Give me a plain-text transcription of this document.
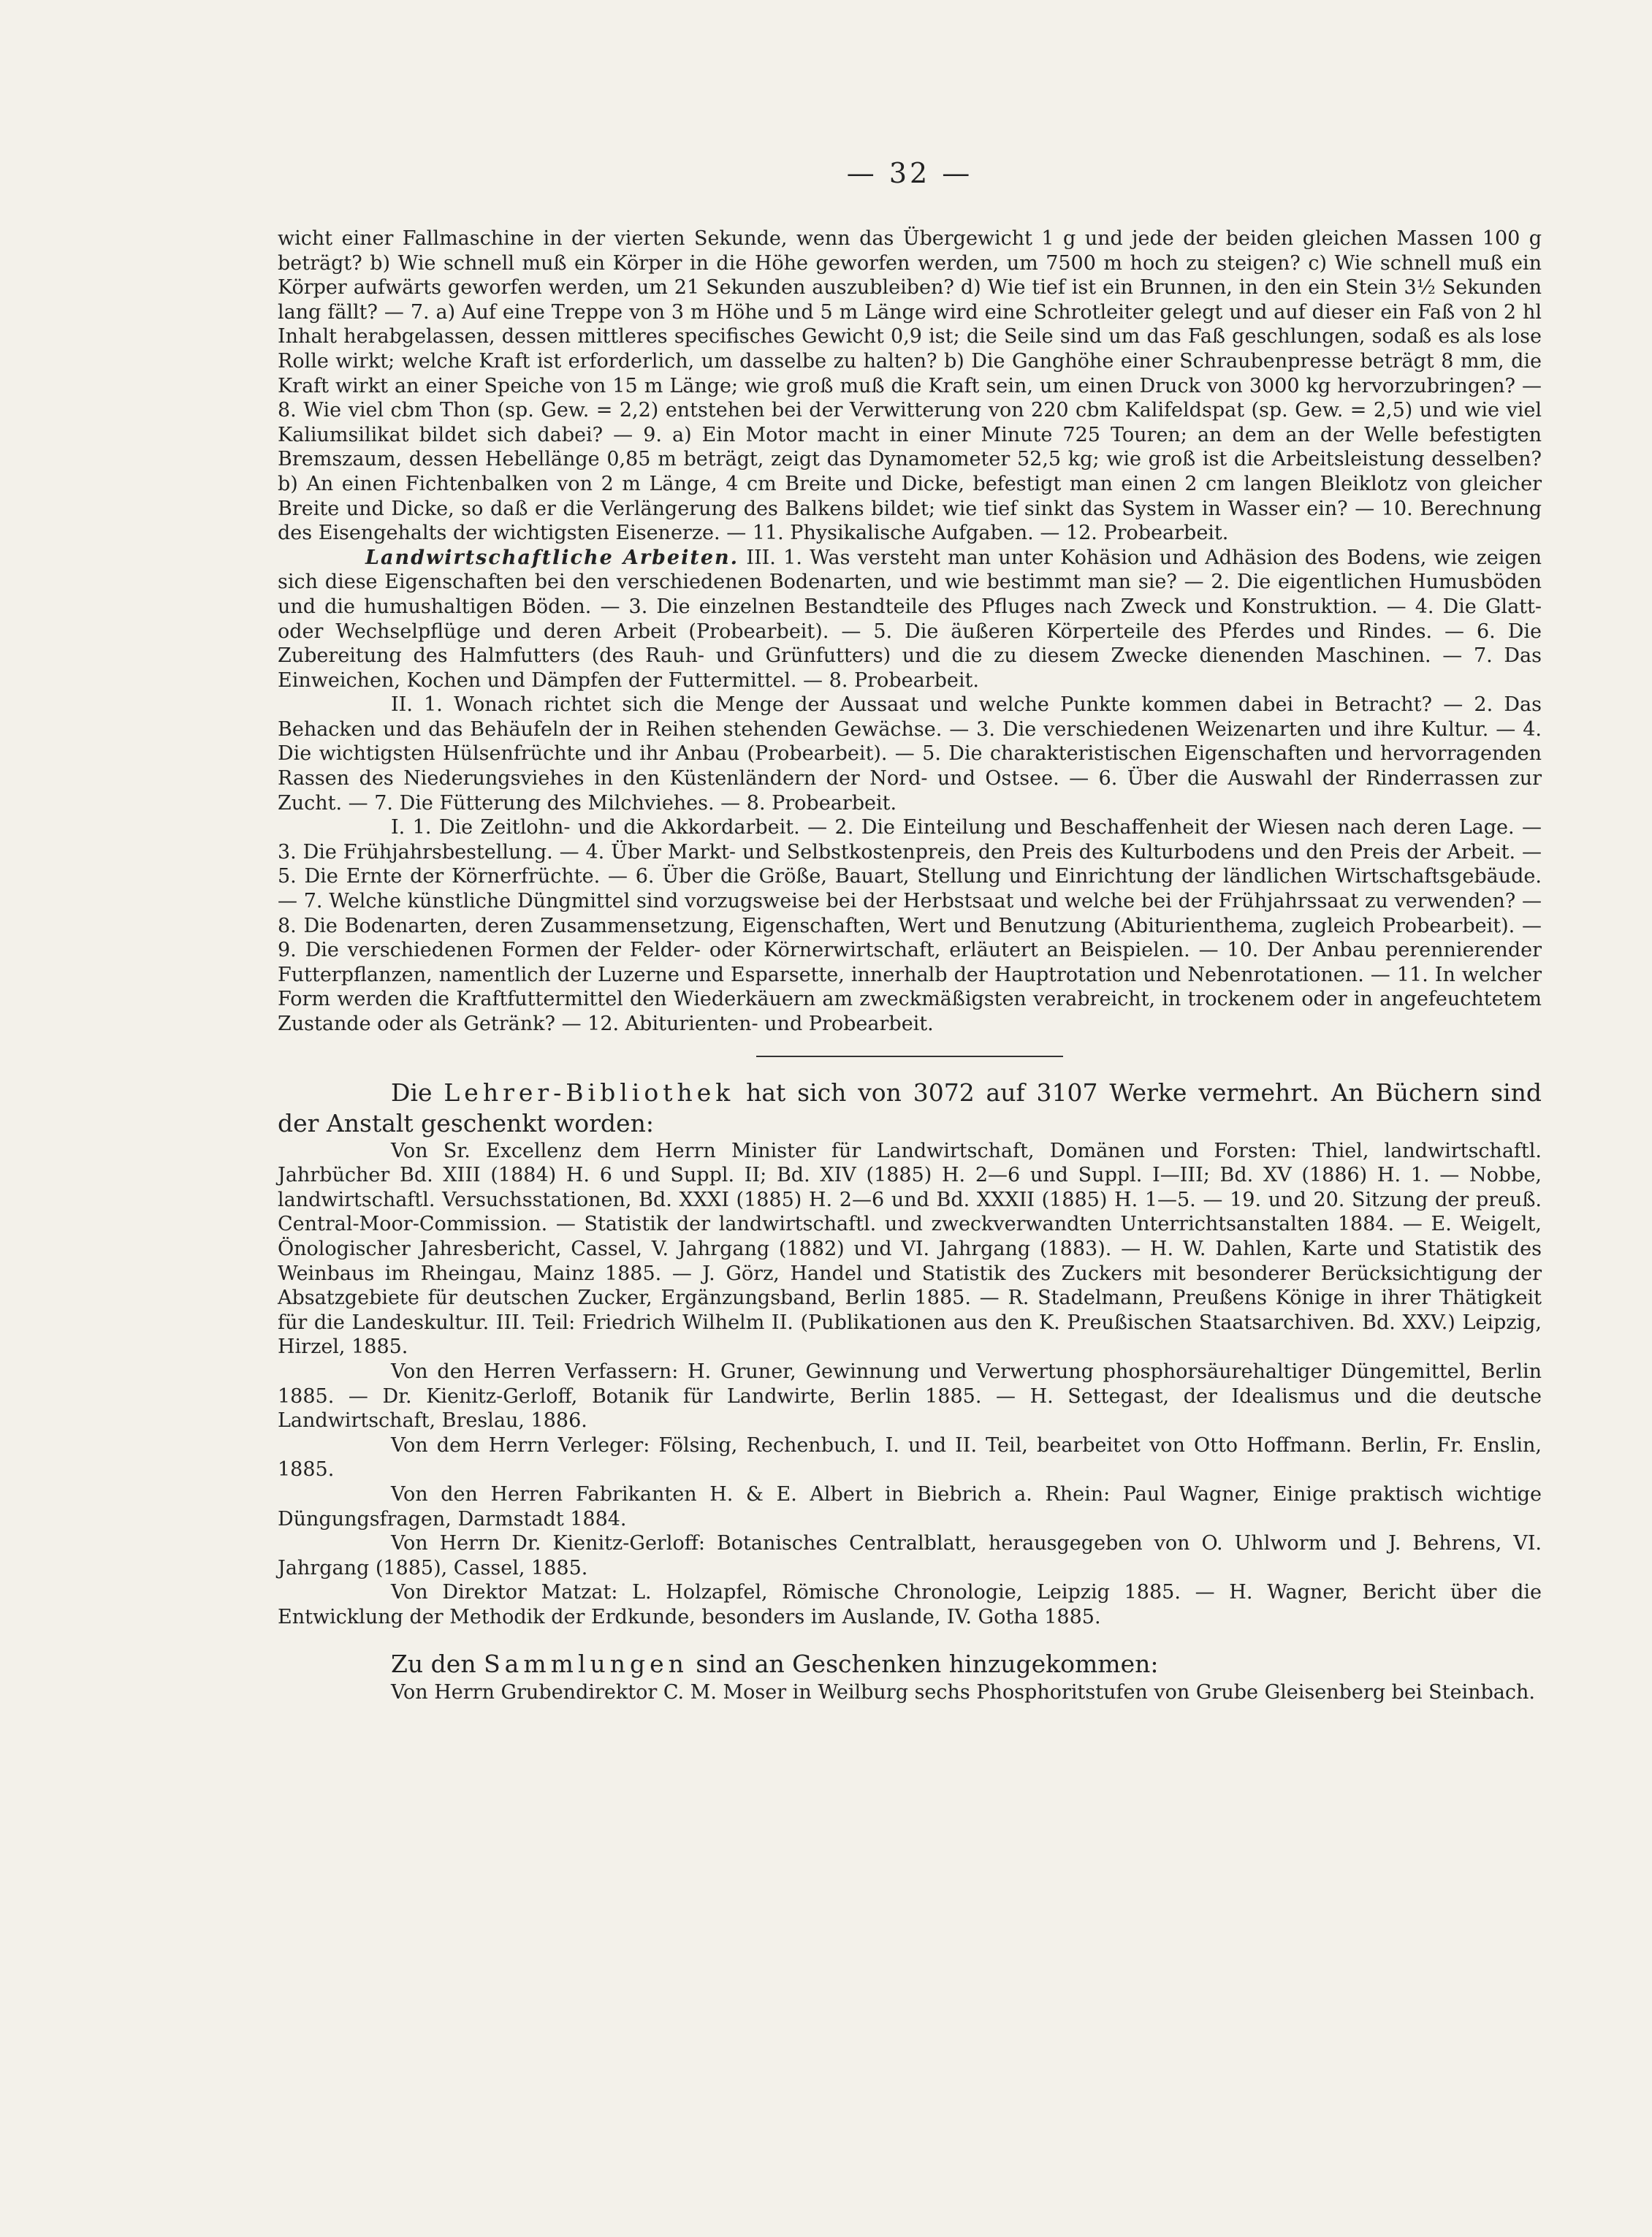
— 32 —

wicht einer Fallmaschine in der vierten Sekunde, wenn das Übergewicht 1 g und jede der beiden gleichen Massen 100 g beträgt? b) Wie schnell muß ein Körper in die Höhe geworfen werden, um 7500 m hoch zu steigen? c) Wie schnell muß ein Körper aufwärts geworfen werden, um 21 Sekunden auszubleiben? d) Wie tief ist ein Brunnen, in den ein Stein 3½ Sekunden lang fällt? — 7. a) Auf eine Treppe von 3 m Höhe und 5 m Länge wird eine Schrotleiter gelegt und auf dieser ein Faß von 2 hl Inhalt herabgelassen, dessen mittleres specifisches Gewicht 0,9 ist; die Seile sind um das Faß geschlungen, sodaß es als lose Rolle wirkt; welche Kraft ist erforderlich, um dasselbe zu halten? b) Die Ganghöhe einer Schraubenpresse beträgt 8 mm, die Kraft wirkt an einer Speiche von 15 m Länge; wie groß muß die Kraft sein, um einen Druck von 3000 kg hervorzubringen? — 8. Wie viel cbm Thon (sp. Gew. = 2,2) entstehen bei der Verwitterung von 220 cbm Kalifeldspat (sp. Gew. = 2,5) und wie viel Kaliumsilikat bildet sich dabei? — 9. a) Ein Motor macht in einer Minute 725 Touren; an dem an der Welle befestigten Bremszaum, dessen Hebellänge 0,85 m beträgt, zeigt das Dynamometer 52,5 kg; wie groß ist die Arbeitsleistung desselben? b) An einen Fichtenbalken von 2 m Länge, 4 cm Breite und Dicke, befestigt man einen 2 cm langen Bleiklotz von gleicher Breite und Dicke, so daß er die Verlängerung des Balkens bildet; wie tief sinkt das System in Wasser ein? — 10. Berechnung des Eisengehalts der wichtigsten Eisenerze. — 11. Physikalische Aufgaben. — 12. Probearbeit.

Landwirtschaftliche Arbeiten. III. 1. Was versteht man unter Kohäsion und Adhäsion des Bodens, wie zeigen sich diese Eigenschaften bei den verschiedenen Bodenarten, und wie bestimmt man sie? — 2. Die eigentlichen Humusböden und die humushaltigen Böden. — 3. Die einzelnen Bestandteile des Pfluges nach Zweck und Konstruktion. — 4. Die Glatt- oder Wechselpflüge und deren Arbeit (Probearbeit). — 5. Die äußeren Körperteile des Pferdes und Rindes. — 6. Die Zubereitung des Halmfutters (des Rauh- und Grünfutters) und die zu diesem Zwecke dienenden Maschinen. — 7. Das Einweichen, Kochen und Dämpfen der Futtermittel. — 8. Probearbeit.

II. 1. Wonach richtet sich die Menge der Aussaat und welche Punkte kommen dabei in Betracht? — 2. Das Behacken und das Behäufeln der in Reihen stehenden Gewächse. — 3. Die verschiedenen Weizenarten und ihre Kultur. — 4. Die wichtigsten Hülsenfrüchte und ihr Anbau (Probearbeit). — 5. Die charakteristischen Eigenschaften und hervorragenden Rassen des Niederungsviehes in den Küstenländern der Nord- und Ostsee. — 6. Über die Auswahl der Rinderrassen zur Zucht. — 7. Die Fütterung des Milchviehes. — 8. Probearbeit.

I. 1. Die Zeitlohn- und die Akkordarbeit. — 2. Die Einteilung und Beschaffenheit der Wiesen nach deren Lage. — 3. Die Frühjahrsbestellung. — 4. Über Markt- und Selbstkostenpreis, den Preis des Kulturbodens und den Preis der Arbeit. — 5. Die Ernte der Körnerfrüchte. — 6. Über die Größe, Bauart, Stellung und Einrichtung der ländlichen Wirtschaftsgebäude. — 7. Welche künstliche Düngmittel sind vorzugsweise bei der Herbstsaat und welche bei der Frühjahrssaat zu verwenden? — 8. Die Bodenarten, deren Zusammensetzung, Eigenschaften, Wert und Benutzung (Abiturienthema, zugleich Probearbeit). — 9. Die verschiedenen Formen der Felder- oder Körnerwirtschaft, erläutert an Beispielen. — 10. Der Anbau perennierender Futterpflanzen, namentlich der Luzerne und Esparsette, innerhalb der Hauptrotation und Nebenrotationen. — 11. In welcher Form werden die Kraftfuttermittel den Wiederkäuern am zweckmäßigsten verabreicht, in trockenem oder in angefeuchtetem Zustande oder als Getränk? — 12. Abiturienten- und Probearbeit.

Die Lehrer-Bibliothek hat sich von 3072 auf 3107 Werke vermehrt. An Büchern sind der Anstalt geschenkt worden:

Von Sr. Excellenz dem Herrn Minister für Landwirtschaft, Domänen und Forsten: Thiel, landwirtschaftl. Jahrbücher Bd. XIII (1884) H. 6 und Suppl. II; Bd. XIV (1885) H. 2—6 und Suppl. I—III; Bd. XV (1886) H. 1. — Nobbe, landwirtschaftl. Versuchsstationen, Bd. XXXI (1885) H. 2—6 und Bd. XXXII (1885) H. 1—5. — 19. und 20. Sitzung der preuß. Central-Moor-Commission. — Statistik der landwirtschaftl. und zweckverwandten Unterrichtsanstalten 1884. — E. Weigelt, Önologischer Jahresbericht, Cassel, V. Jahrgang (1882) und VI. Jahrgang (1883). — H. W. Dahlen, Karte und Statistik des Weinbaus im Rheingau, Mainz 1885. — J. Görz, Handel und Statistik des Zuckers mit besonderer Berücksichtigung der Absatzgebiete für deutschen Zucker, Ergänzungsband, Berlin 1885. — R. Stadelmann, Preußens Könige in ihrer Thätigkeit für die Landeskultur. III. Teil: Friedrich Wilhelm II. (Publikationen aus den K. Preußischen Staatsarchiven. Bd. XXV.) Leipzig, Hirzel, 1885.

Von den Herren Verfassern: H. Gruner, Gewinnung und Verwertung phosphorsäurehaltiger Düngemittel, Berlin 1885. — Dr. Kienitz-Gerloff, Botanik für Landwirte, Berlin 1885. — H. Settegast, der Idealismus und die deutsche Landwirtschaft, Breslau, 1886.

Von dem Herrn Verleger: Fölsing, Rechenbuch, I. und II. Teil, bearbeitet von Otto Hoffmann. Berlin, Fr. Enslin, 1885.

Von den Herren Fabrikanten H. & E. Albert in Biebrich a. Rhein: Paul Wagner, Einige praktisch wichtige Düngungsfragen, Darmstadt 1884.

Von Herrn Dr. Kienitz-Gerloff: Botanisches Centralblatt, herausgegeben von O. Uhlworm und J. Behrens, VI. Jahrgang (1885), Cassel, 1885.

Von Direktor Matzat: L. Holzapfel, Römische Chronologie, Leipzig 1885. — H. Wagner, Bericht über die Entwicklung der Methodik der Erdkunde, besonders im Auslande, IV. Gotha 1885.

Zu den Sammlungen sind an Geschenken hinzugekommen:

Von Herrn Grubendirektor C. M. Moser in Weilburg sechs Phosphoritstufen von Grube Gleisenberg bei Steinbach.
